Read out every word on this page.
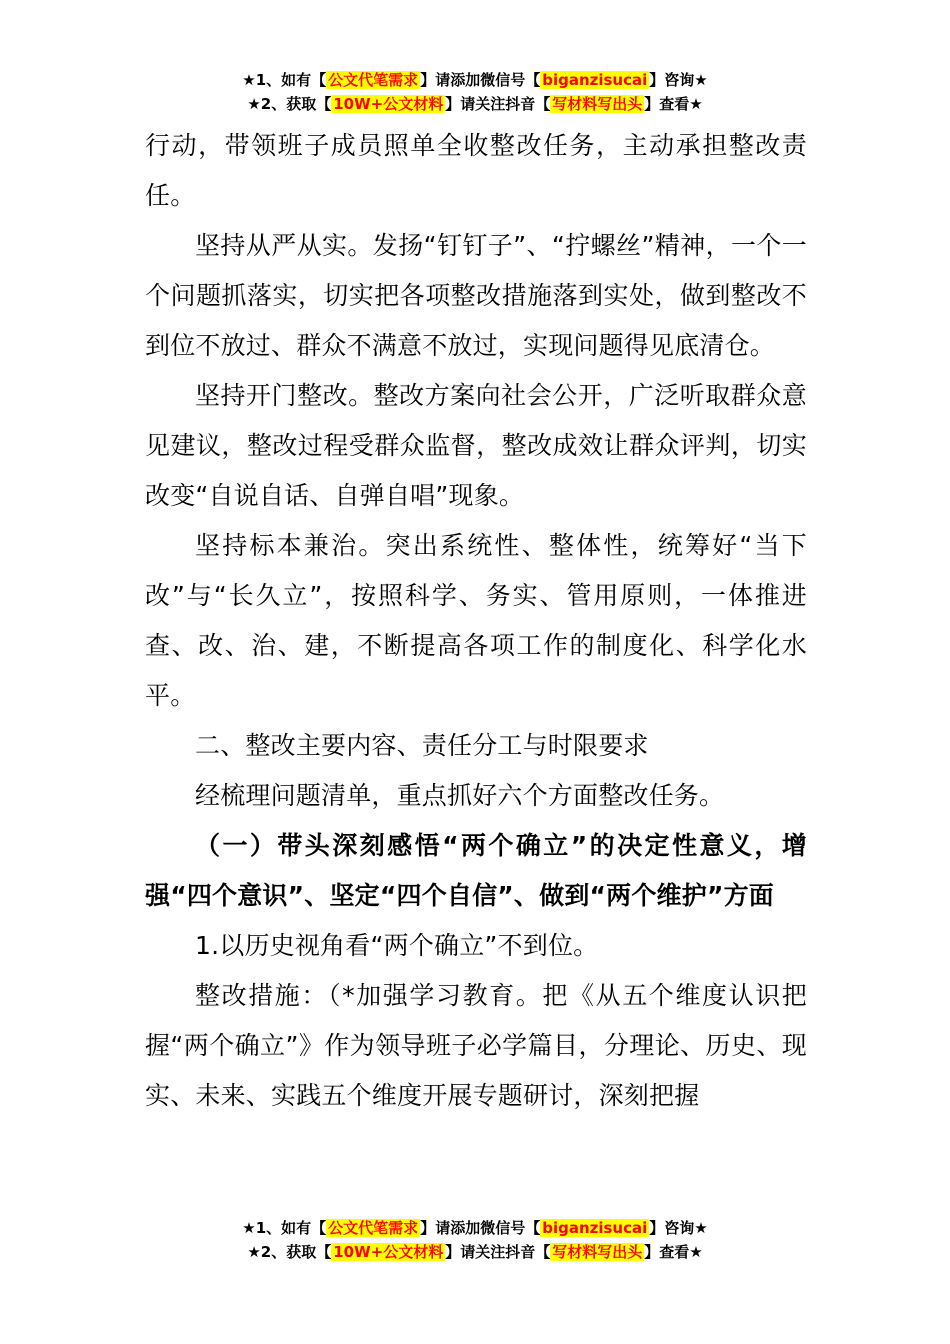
★1、如有【 公文代笔需求 】请添加微信号【 biganzisucai 】咨询★
★2、获取【 10W+公文材料 】请关注抖音【 写材料写出头 】查看★

行动，带领班子成员照单全收整改任务，主动承担整改责任。

坚持从严从实。发扬“钉钉子”、“拧螺丝”精神，一个一个问题抓落实，切实把各项整改措施落到实处，做到整改不到位不放过、群众不满意不放过，实现问题得见底清仓。

坚持开门整改。整改方案向社会公开，广泛听取群众意见建议，整改过程受群众监督，整改成效让群众评判，切实改变“自说自话、自弹自唱”现象。

坚持标本兼治。突出系统性、整体性，统筹好“当下改”与“长久立”，按照科学、务实、管用原则，一体推进查、改、治、建，不断提高各项工作的制度化、科学化水平。

二、整改主要内容、责任分工与时限要求

经梳理问题清单，重点抓好六个方面整改任务。

（一）带头深刻感悟“两个确立”的决定性意义，增强“四个意识”、坚定“四个自信”、做到“两个维护”方面

1.以历史视角看“两个确立”不到位。

整改措施：（*加强学习教育。把《从五个维度认识把握“两个确立”》作为领导班子必学篇目，分理论、历史、现实、未来、实践五个维度开展专题研讨，深刻把握

★1、如有【 公文代笔需求 】请添加微信号【 biganzisucai 】咨询★
★2、获取【 10W+公文材料 】请关注抖音【 写材料写出头 】查看★
